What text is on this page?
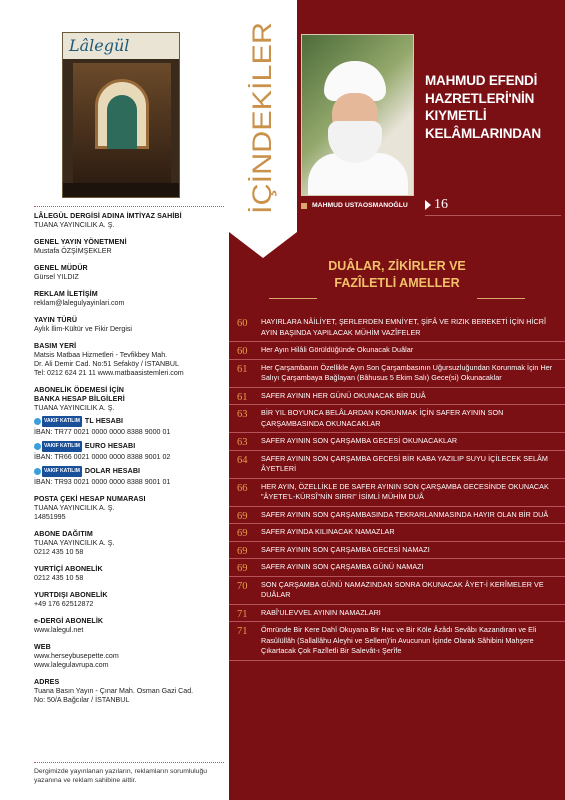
Lâlegül
LÂLEGÜL DERGİSİ ADINA İMTİYAZ SAHİBİ
TUANA YAYINCILIK A. Ş.
GENEL YAYIN YÖNETMENİ
Mustafa ÖZŞİMŞEKLER
GENEL MÜDÜR
Gürsel YILDIZ
REKLAM İLETİŞİM
reklam@lalegulyayinlari.com
YAYIN TÜRÜ
Aylık İlim-Kültür ve Fikir Dergisi
BASIM YERİ
Matsis Matbaa Hizmetleri - Tevfikbey Mah.
Dr. Ali Demir Cad. No:51 Sefaköy / İSTANBUL
Tel: 0212 624 21 11 www.matbaasistemleri.com
ABONELİK ÖDEMESİ İÇİN
BANKA HESAP BİLGİLERİ
TUANA YAYINCILIK A. Ş.
VAKIF KATILIM TL HESABI
İBAN: TR77 0021 0000 0000 8388 9000 01
VAKIF KATILIM EURO HESABI
İBAN: TR66 0021 0000 0000 8388 9001 02
VAKIF KATILIM DOLAR HESABI
İBAN: TR93 0021 0000 0000 8388 9001 01
POSTA ÇEKİ HESAP NUMARASI
TUANA YAYINCILIK A. Ş.
14851995
ABONE DAĞITIM
TUANA YAYINCILIK A. Ş.
0212 435 10 58
YURTİÇİ ABONELİK
0212 435 10 58
YURTDIŞI ABONELİK
+49 176 62512872
e-DERGİ ABONELİK
www.lalegul.net
WEB
www.herseybusepette.com
www.lalegulavrupa.com
ADRES
Tuana Basın Yayın - Çınar Mah. Osman Gazi Cad.
No: 50/A Bağcılar / İSTANBUL
Dergimizde yayınlanan yazıların, reklamların sorumluluğu yazanına ve reklam sahibine aittir.
İÇİNDEKİLER	MAHMUD EFENDİ
HAZRETLERİ'NİN
KIYMETLİ
KELÂMLARINDAN
MAHMUD USTAOSMANOĞLU 16
DUÂLAR, ZİKİRLER VE
FAZÎLETLİ AMELLER
60 HAYIRLARA NÂİLİYET, ŞERLERDEN EMNİYET, ŞİFÂ VE RIZIK BEREKETİ İÇİN HİCRÎ AYIN BAŞINDA YAPILACAK MÜHİM VAZÎFELER
60 Her Ayın Hilâli Görüldüğünde Okunacak Duâlar
61 Her Çarşambanın Özellikle Ayın Son Çarşambasının Uğursuzluğundan Korunmak İçin Her Salıyı Çarşambaya Bağlayan (Bâhusus 5 Ekim Salı) Gece(si) Okunacaklar
61 SAFER AYININ HER GÜNÜ OKUNACAK BİR DUÂ
63 BİR YIL BOYUNCA BELÂLARDAN KORUNMAK İÇİN SAFER AYININ SON ÇARŞAMBASINDA OKUNACAKLAR
63 SAFER AYININ SON ÇARŞAMBA GECESİ OKUNACAKLAR
64 SAFER AYININ SON ÇARŞAMBA GECESİ BİR KABA YAZILIP SUYU İÇİLECEK SELÂM ÂYETLERİ
66 HER AYIN, ÖZELLİKLE DE SAFER AYININ SON ÇARŞAMBA GECESİNDE OKUNACAK "ÂYETE'L-KÜRSÎ"NİN SIRRI" İSİMLİ MÜHİM DUÂ
69 SAFER AYININ SON ÇARŞAMBASINDA TEKRARLANMASINDA HAYIR OLAN BİR DUÂ
69 SAFER AYINDA KILINACAK NAMAZLAR
69 SAFER AYININ SON ÇARŞAMBA GECESİ NAMAZI
69 SAFER AYININ SON ÇARŞAMBA GÜNÜ NAMAZI
70 SON ÇARŞAMBA GÜNÜ NAMAZINDAN SONRA OKUNACAK ÂYET-İ KERÎMELER VE DUÂLAR
71 RABÎ'ULEVVEL AYININ NAMAZLARI
71 Ömründe Bir Kere Dahî Okuyana Bir Hac ve Bir Köle Âzâdı Sevâbı Kazandıran ve Eli Rasûlüllâh (Sallallâhu Aleyhi ve Sellem)'in Avucunun İçinde Olarak Sâhibini Mahşere Çıkartacak Çok Fazîletli Bir Salevât-ı Şerîfe
